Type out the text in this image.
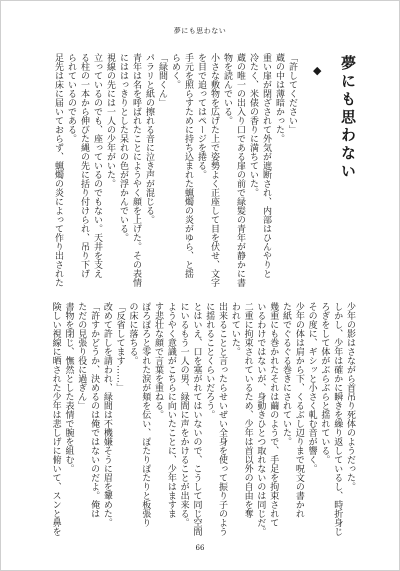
夢にも思わない
夢にも思わない
◆
「許してください」
蔵の中は薄暗かった。
重い扉が閉ざされて外気が遮断され、内部はひんやりと
冷たく、米俵の香りに満ちていた。
蔵の唯一の出入り口である扉の前で緑髪の青年が静かに書
物を読んでいる。
小さな敷物を広げた上で姿勢よく正座して目を伏せ、文字
を目で追ってはページを捲る。
手元を照らすために持ち込まれた蝋燭の炎がゆら、と揺
らめく。
「緑間くん」
パラリと紙の擦れる音に泣き声が混じる。
青年は名を呼ばれたことにようやく顔を上げた。その表情
にははっきりとした呆れの色が浮かんでいる。
視線の先には一人の少年がいた。
立っているのでも、座っているのでもない。天井を支え
る柱の一本から伸びた縄の先に括り付けられ、吊り下げ
られているのである。
足先は床に届いておらず、蝋燭の炎によって作り出された
少年の影はさながら首吊り死体のようだった。
しかし、少年は確かに瞬きを繰り返しているし、時折身じ
ろぎをして体がぶらぶらと揺れている。
その度に、ギシッと小さく軋む音が響く。
少年の体は肩から下、くるぶし辺りまで呪文の書かれ
た紙でぐるぐる巻きにされていた。
幾重にも巻かれたそれは繭のようで、手足を拘束されて
いるわけではないが、身動きひとつ取れないのは同じだ。
二重に拘束されているため、少年は首以外の自由を奪
われていた。
出来ることと言ったらせいぜい全身を使って振り子のよう
に揺れることくらいだろう。
とはいえ、口を塞がれてはいないので、こうして同じ空間
にいるもう一人の男、緑間に声をかけることが出来る。
ようやく意識がこちらに向いたことに、少年はますま
す悲壮な顔で言葉を重ねる。
ぽろぽろと零れた涙が頬を伝い、ぽたりぽたりと板張り
の床に落ちる。
「反省してます……」
改めて許しを請われ、緑間は不機嫌そうに眉を顰めた。
「許すかどうか、決めるのは俺ではないのだよ。俺は
ただの見張り役に過ぎん」
書物を閉じ、憮然とした表情で腕を組む。
険しい視線に晒された少年は悲しげに俯いて、スンと鼻を
66
